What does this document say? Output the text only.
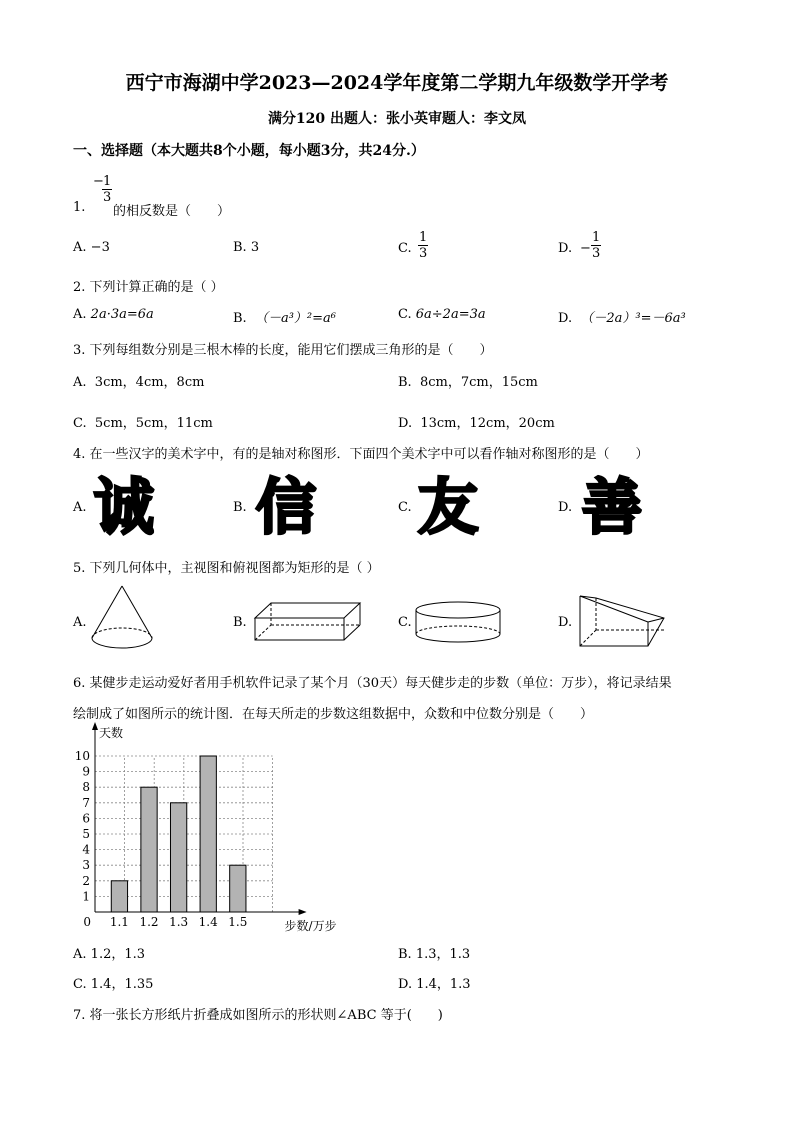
西宁市海湖中学2023—2024学年度第二学期九年级数学开学考
满分120 出题人：张小英审题人：李文凤
一、选择题（本大题共8个小题，每小题3分，共24分.）
1.
−
$\frac{1}{3}$
的相反数是（　　）
A. −3	B. 3	C. $\frac{1}{3}$	D. − $\frac{1}{3}$
2. 下列计算正确的是（ ）
A. 2a·3a=6a	B. （－a³）²=a⁶	C. 6a÷2a=3a	D. （－2a）³=－6a³
3. 下列每组数分别是三根木棒的长度，能用它们摆成三角形的是（　　）
A. 3cm，4cm，8cm	B. 8cm，7cm，15cm
C. 5cm，5cm，11cm	D. 13cm，12cm，20cm
4. 在一些汉字的美术字中，有的是轴对称图形．下面四个美术字中可以看作轴对称图形的是（　　）
A. 诚	B. 信	C. 友	D. 善
5. 下列几何体中，主视图和俯视图都为矩形的是（ ）
A.	B.	C.	D.
6. 某健步走运动爱好者用手机软件记录了某个月（30天）每天健步走的步数（单位：万步），将记录结果
绘制成了如图所示的统计图．在每天所走的步数这组数据中，众数和中位数分别是（　　）
1
2
3
4
5
6
7
8
9
10
0 1.1 1.2 1.3 1.4 1.5
天数
步数/万步
A. 1.2，1.3	B. 1.3，1.3
C. 1.4，1.35	D. 1.4，1.3
7. 将一张长方形纸片折叠成如图所示的形状则∠ABC 等于(　　)
